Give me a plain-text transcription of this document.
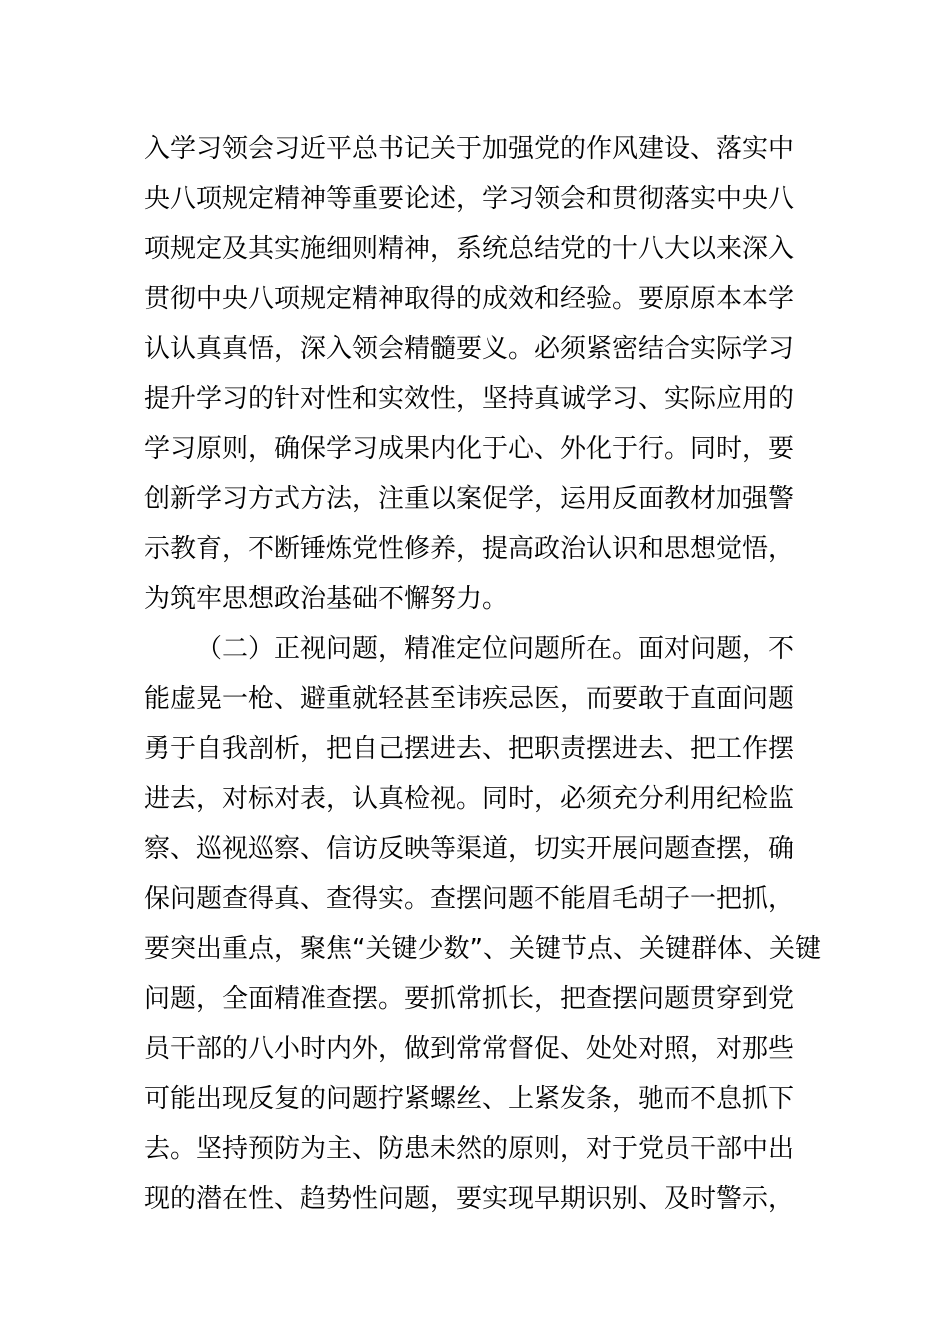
入学习领会习近平总书记关于加强党的作风建设、落实中
央八项规定精神等重要论述，学习领会和贯彻落实中央八
项规定及其实施细则精神，系统总结党的十八大以来深入
贯彻中央八项规定精神取得的成效和经验。要原原本本学
认认真真悟，深入领会精髓要义。必须紧密结合实际学习
提升学习的针对性和实效性，坚持真诚学习、实际应用的
学习原则，确保学习成果内化于心、外化于行。同时，要
创新学习方式方法，注重以案促学，运用反面教材加强警
示教育，不断锤炼党性修养，提高政治认识和思想觉悟，
为筑牢思想政治基础不懈努力。
（二）正视问题，精准定位问题所在。面对问题，不
能虚晃一枪、避重就轻甚至讳疾忌医，而要敢于直面问题
勇于自我剖析，把自己摆进去、把职责摆进去、把工作摆
进去，对标对表，认真检视。同时，必须充分利用纪检监
察、巡视巡察、信访反映等渠道，切实开展问题查摆，确
保问题查得真、查得实。查摆问题不能眉毛胡子一把抓，
要突出重点，聚焦“关键少数”、关键节点、关键群体、关键
问题，全面精准查摆。要抓常抓长，把查摆问题贯穿到党
员干部的八小时内外，做到常常督促、处处对照，对那些
可能出现反复的问题拧紧螺丝、上紧发条，驰而不息抓下
去。坚持预防为主、防患未然的原则，对于党员干部中出
现的潜在性、趋势性问题，要实现早期识别、及时警示，
